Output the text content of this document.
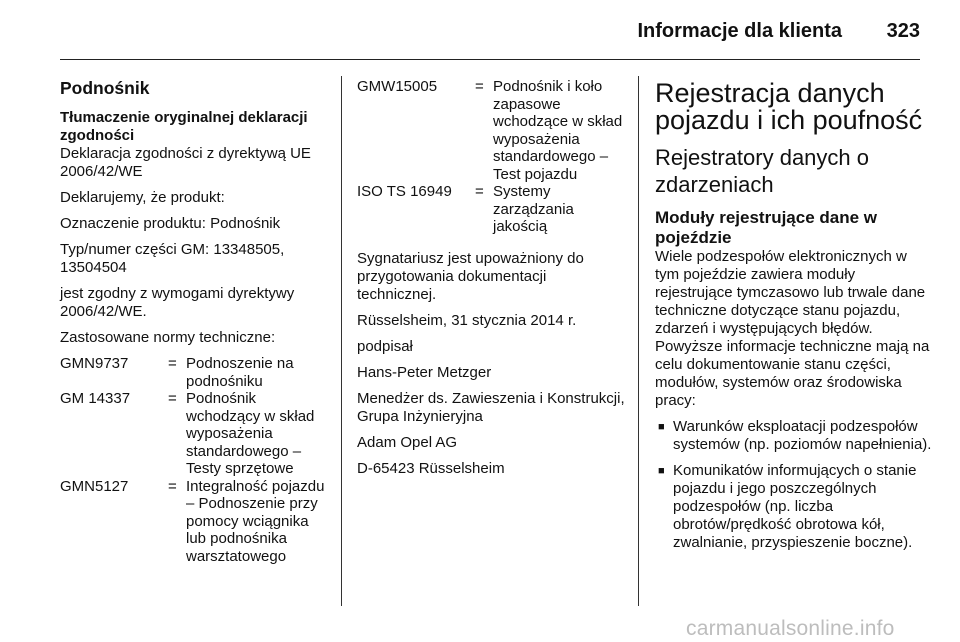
Informacje dla klienta 323
Podnośnik
Tłumaczenie oryginalnej deklaracji zgodności

Deklaracja zgodności z dyrektywą UE 2006/42/WE

Deklarujemy, że produkt:

Oznaczenie produktu: Podnośnik

Typ/numer części GM: 13348505, 13504504

jest zgodny z wymogami dyrektywy 2006/42/WE.

Zastosowane normy techniczne:

GMN9737	= Podnoszenie na podnośniku
GM 14337	= Podnośnik wchodzący w skład wyposażenia standardowego – Testy sprzętowe
GMN5127	= Integralność pojazdu – Podnoszenie przy pomocy wciągnika lub podnośnika warsztatowego
GMW15005	= Podnośnik i koło zapasowe wchodzące w skład wyposażenia standardowego – Test pojazdu
ISO TS 16949	= Systemy zarządzania jakością

Sygnatariusz jest upoważniony do przygotowania dokumentacji technicznej.

Rüsselsheim, 31 stycznia 2014 r.

podpisał

Hans-Peter Metzger

Menedżer ds. Zawieszenia i Konstrukcji, Grupa Inżynieryjna

Adam Opel AG

D-65423 Rüsselsheim

Rejestracja danych pojazdu i ich poufność
Rejestratory danych o zdarzeniach
Moduły rejestrujące dane w pojeździe

Wiele podzespołów elektronicznych w tym pojeździe zawiera moduły rejestrujące tymczasowo lub trwale dane techniczne dotyczące stanu pojazdu, zdarzeń i występujących błędów. Powyższe informacje techniczne mają na celu dokumentowanie stanu części, modułów, systemów oraz środowiska pracy:

■ Warunków eksploatacji podzespołów systemów (np. poziomów napełnienia).
■ Komunikatów informujących o stanie pojazdu i jego poszczególnych podzespołów (np. liczba obrotów/prędkość obrotowa kół, zwalnianie, przyspieszenie boczne).
carmanualsonline.info
